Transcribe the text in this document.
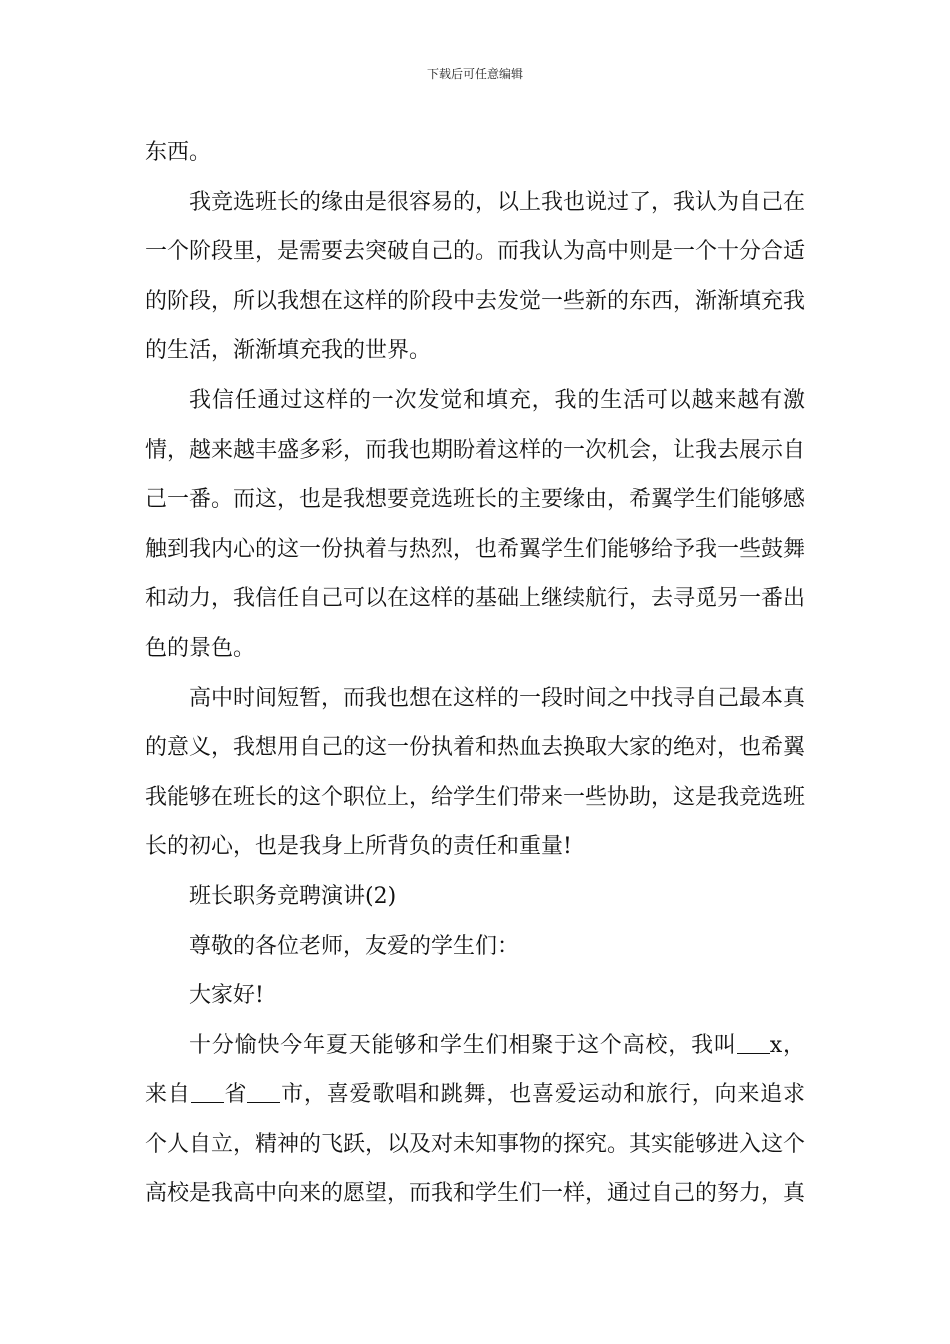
下载后可任意编辑

东西。

我竞选班长的缘由是很容易的，以上我也说过了，我认为自己在一个阶段里，是需要去突破自己的。而我认为高中则是一个十分合适的阶段，所以我想在这样的阶段中去发觉一些新的东西，渐渐填充我的生活，渐渐填充我的世界。

我信任通过这样的一次发觉和填充，我的生活可以越来越有激情，越来越丰盛多彩，而我也期盼着这样的一次机会，让我去展示自己一番。而这，也是我想要竞选班长的主要缘由，希翼学生们能够感触到我内心的这一份执着与热烈，也希翼学生们能够给予我一些鼓舞和动力，我信任自己可以在这样的基础上继续航行，去寻觅另一番出色的景色。

高中时间短暂，而我也想在这样的一段时间之中找寻自己最本真的意义，我想用自己的这一份执着和热血去换取大家的绝对，也希翼我能够在班长的这个职位上，给学生们带来一些协助，这是我竞选班长的初心，也是我身上所背负的责任和重量!

班长职务竞聘演讲(2)

尊敬的各位老师，友爱的学生们：

大家好!

十分愉快今年夏天能够和学生们相聚于这个高校，我叫 x，来自 省 市，喜爱歌唱和跳舞，也喜爱运动和旅行，向来追求个人自立，精神的飞跃，以及对未知事物的探究。其实能够进入这个高校是我高中向来的愿望，而我和学生们一样，通过自己的努力，真
